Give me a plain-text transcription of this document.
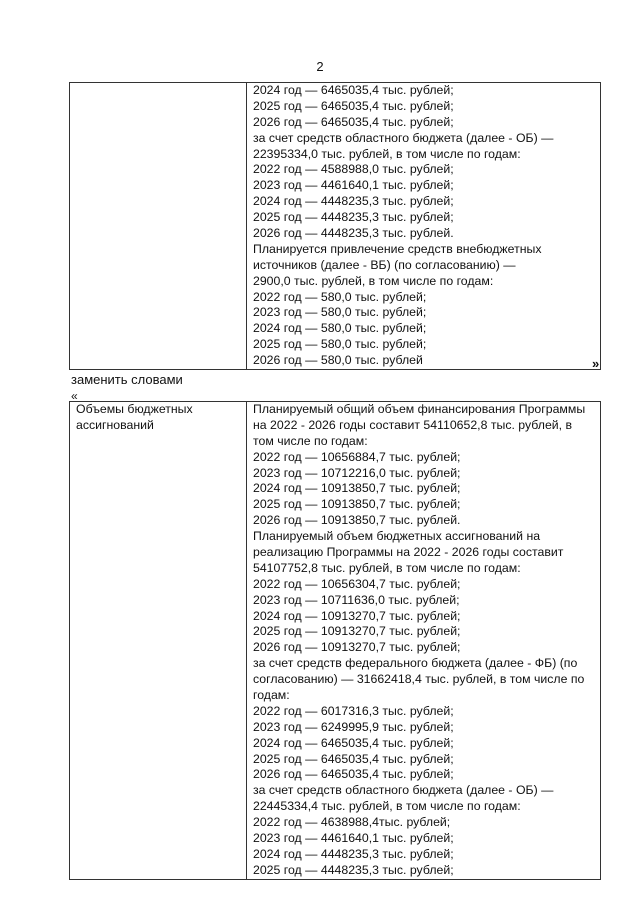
2

2024 год — 6465035,4 тыс. рублей;
2025 год — 6465035,4 тыс. рублей;
2026 год — 6465035,4 тыс. рублей;
за счет средств областного бюджета (далее - ОБ) —
22395334,0 тыс. рублей, в том числе по годам:
2022 год — 4588988,0 тыс. рублей;
2023 год — 4461640,1 тыс. рублей;
2024 год — 4448235,3 тыс. рублей;
2025 год — 4448235,3 тыс. рублей;
2026 год — 4448235,3 тыс. рублей.
Планируется привлечение средств внебюджетных
источников (далее - ВБ) (по согласованию) —
2900,0 тыс. рублей, в том числе по годам:
2022 год — 580,0 тыс. рублей;
2023 год — 580,0 тыс. рублей;
2024 год — 580,0 тыс. рублей;
2025 год — 580,0 тыс. рублей;
2026 год — 580,0 тыс. рублей	»
заменить словами
«
Объемы бюджетных
ассигнований

Планируемый общий объем финансирования Программы
на 2022 - 2026 годы составит 54110652,8 тыс. рублей, в
том числе по годам:
2022 год — 10656884,7 тыс. рублей;
2023 год — 10712216,0 тыс. рублей;
2024 год — 10913850,7 тыс. рублей;
2025 год — 10913850,7 тыс. рублей;
2026 год — 10913850,7 тыс. рублей.
Планируемый объем бюджетных ассигнований на
реализацию Программы на 2022 - 2026 годы составит
54107752,8 тыс. рублей, в том числе по годам:
2022 год — 10656304,7 тыс. рублей;
2023 год — 10711636,0 тыс. рублей;
2024 год — 10913270,7 тыс. рублей;
2025 год — 10913270,7 тыс. рублей;
2026 год — 10913270,7 тыс. рублей;
за счет средств федерального бюджета (далее - ФБ) (по
согласованию) — 31662418,4 тыс. рублей, в том числе по
годам:
2022 год — 6017316,3 тыс. рублей;
2023 год — 6249995,9 тыс. рублей;
2024 год — 6465035,4 тыс. рублей;
2025 год — 6465035,4 тыс. рублей;
2026 год — 6465035,4 тыс. рублей;
за счет средств областного бюджета (далее - ОБ) —
22445334,4 тыс. рублей, в том числе по годам:
2022 год — 4638988,4тыс. рублей;
2023 год — 4461640,1 тыс. рублей;
2024 год — 4448235,3 тыс. рублей;
2025 год — 4448235,3 тыс. рублей;
